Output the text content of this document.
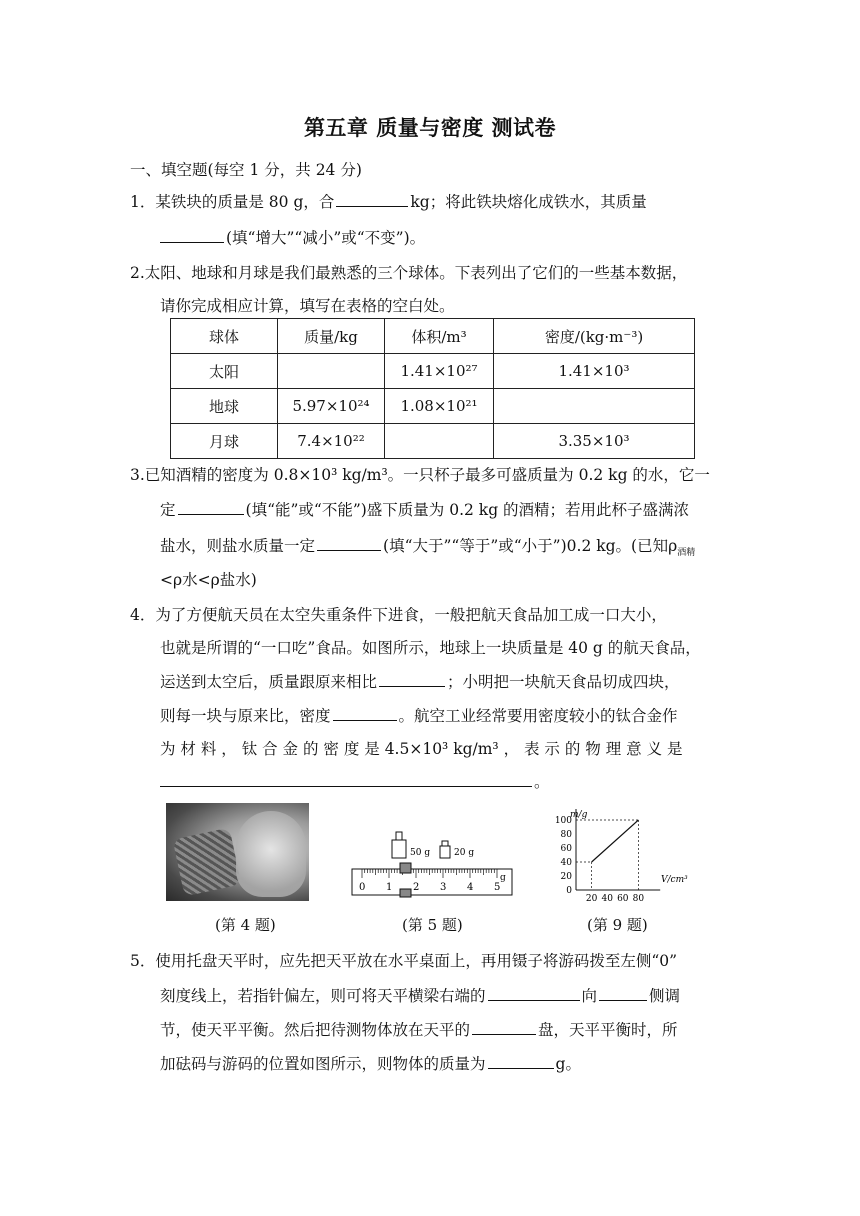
第五章 质量与密度 测试卷
一、填空题(每空 1 分，共 24 分)
1．某铁块的质量是 80 g，合	kg；将此铁块熔化成铁水，其质量
(填“增大”“减小”或“不变”)。
2.太阳、地球和月球是我们最熟悉的三个球体。下表列出了它们的一些基本数据，
请你完成相应计算，填写在表格的空白处。
球体	质量/kg	体积/m³	密度/(kg·m⁻³)
太阳		1.41×10²⁷	1.41×10³
地球	5.97×10²⁴	1.08×10²¹	
月球	7.4×10²²		3.35×10³
3.已知酒精的密度为 0.8×10³ kg/m³。一只杯子最多可盛质量为 0.2 kg 的水，它一
定	(填“能”或“不能”)盛下质量为 0.2 kg 的酒精；若用此杯子盛满浓
盐水，则盐水质量一定	(填“大于”“等于”或“小于”)0.2 kg。(已知$\rho_{酒精}$
<ρ水<ρ盐水)
4．为了方便航天员在太空失重条件下进食，一般把航天食品加工成一口大小，
也就是所谓的“一口吃”食品。如图所示，地球上一块质量是 40 g 的航天食品，
运送到太空后，质量跟原来相比	；小明把一块航天食品切成四块，
则每一块与原来比，密度	。航空工业经常要用密度较小的钛合金作
为 材 料 ， 钛 合 金 的 密 度 是 4.5×10³ kg/m³ ， 表 示 的 物 理 意 义 是
。
50 g	20 g
0 1 2 3 4 5
g
100
80
60
40
20
0
20 40 60 80
m/g
V/cm³
(第 4 题)	(第 5 题)	(第 9 题)
5．使用托盘天平时，应先把天平放在水平桌面上，再用镊子将游码拨至左侧“0”
刻度线上，若指针偏左，则可将天平横梁右端的	向	侧调
节，使天平平衡。然后把待测物体放在天平的	盘，天平平衡时，所
加砝码与游码的位置如图所示，则物体的质量为	g。
